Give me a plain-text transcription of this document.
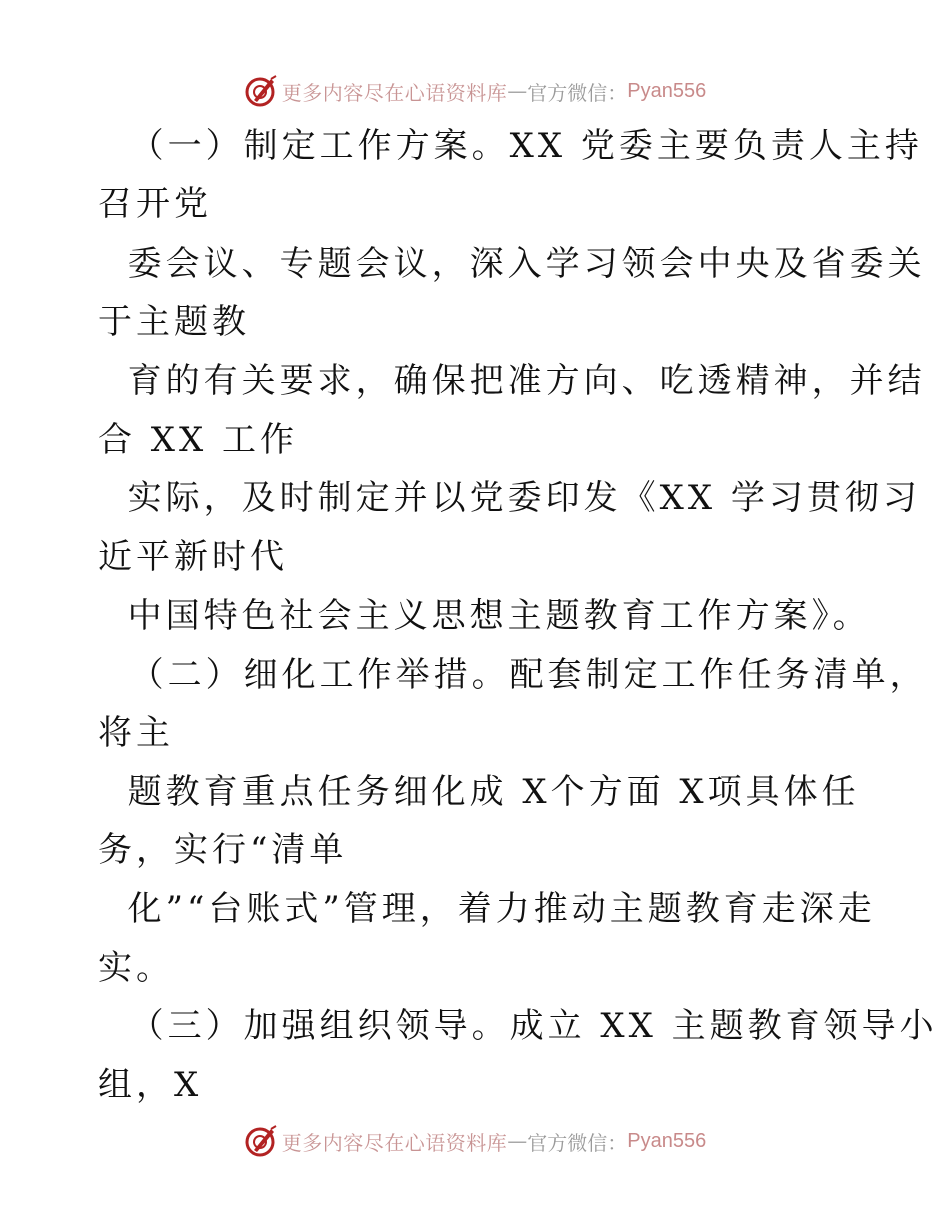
更多内容尽在心语资料库 — 官方微信： Pyan556
（一）制定工作方案。XX 党委主要负责人主持
召开党
委会议、专题会议，深入学习领会中央及省委关
于主题教
育的有关要求，确保把准方向、吃透精神，并结
合 XX 工作
实际，及时制定并以党委印发《XX 学习贯彻习
近平新时代
中国特色社会主义思想主题教育工作方案》。
（二）细化工作举措。配套制定工作任务清单，
将主
题教育重点任务细化成 X个方面 X项具体任
务，实行“清单
化”“台账式”管理，着力推动主题教育走深走
实。
（三）加强组织领导。成立 XX 主题教育领导小
组，X
更多内容尽在心语资料库 — 官方微信： Pyan556
